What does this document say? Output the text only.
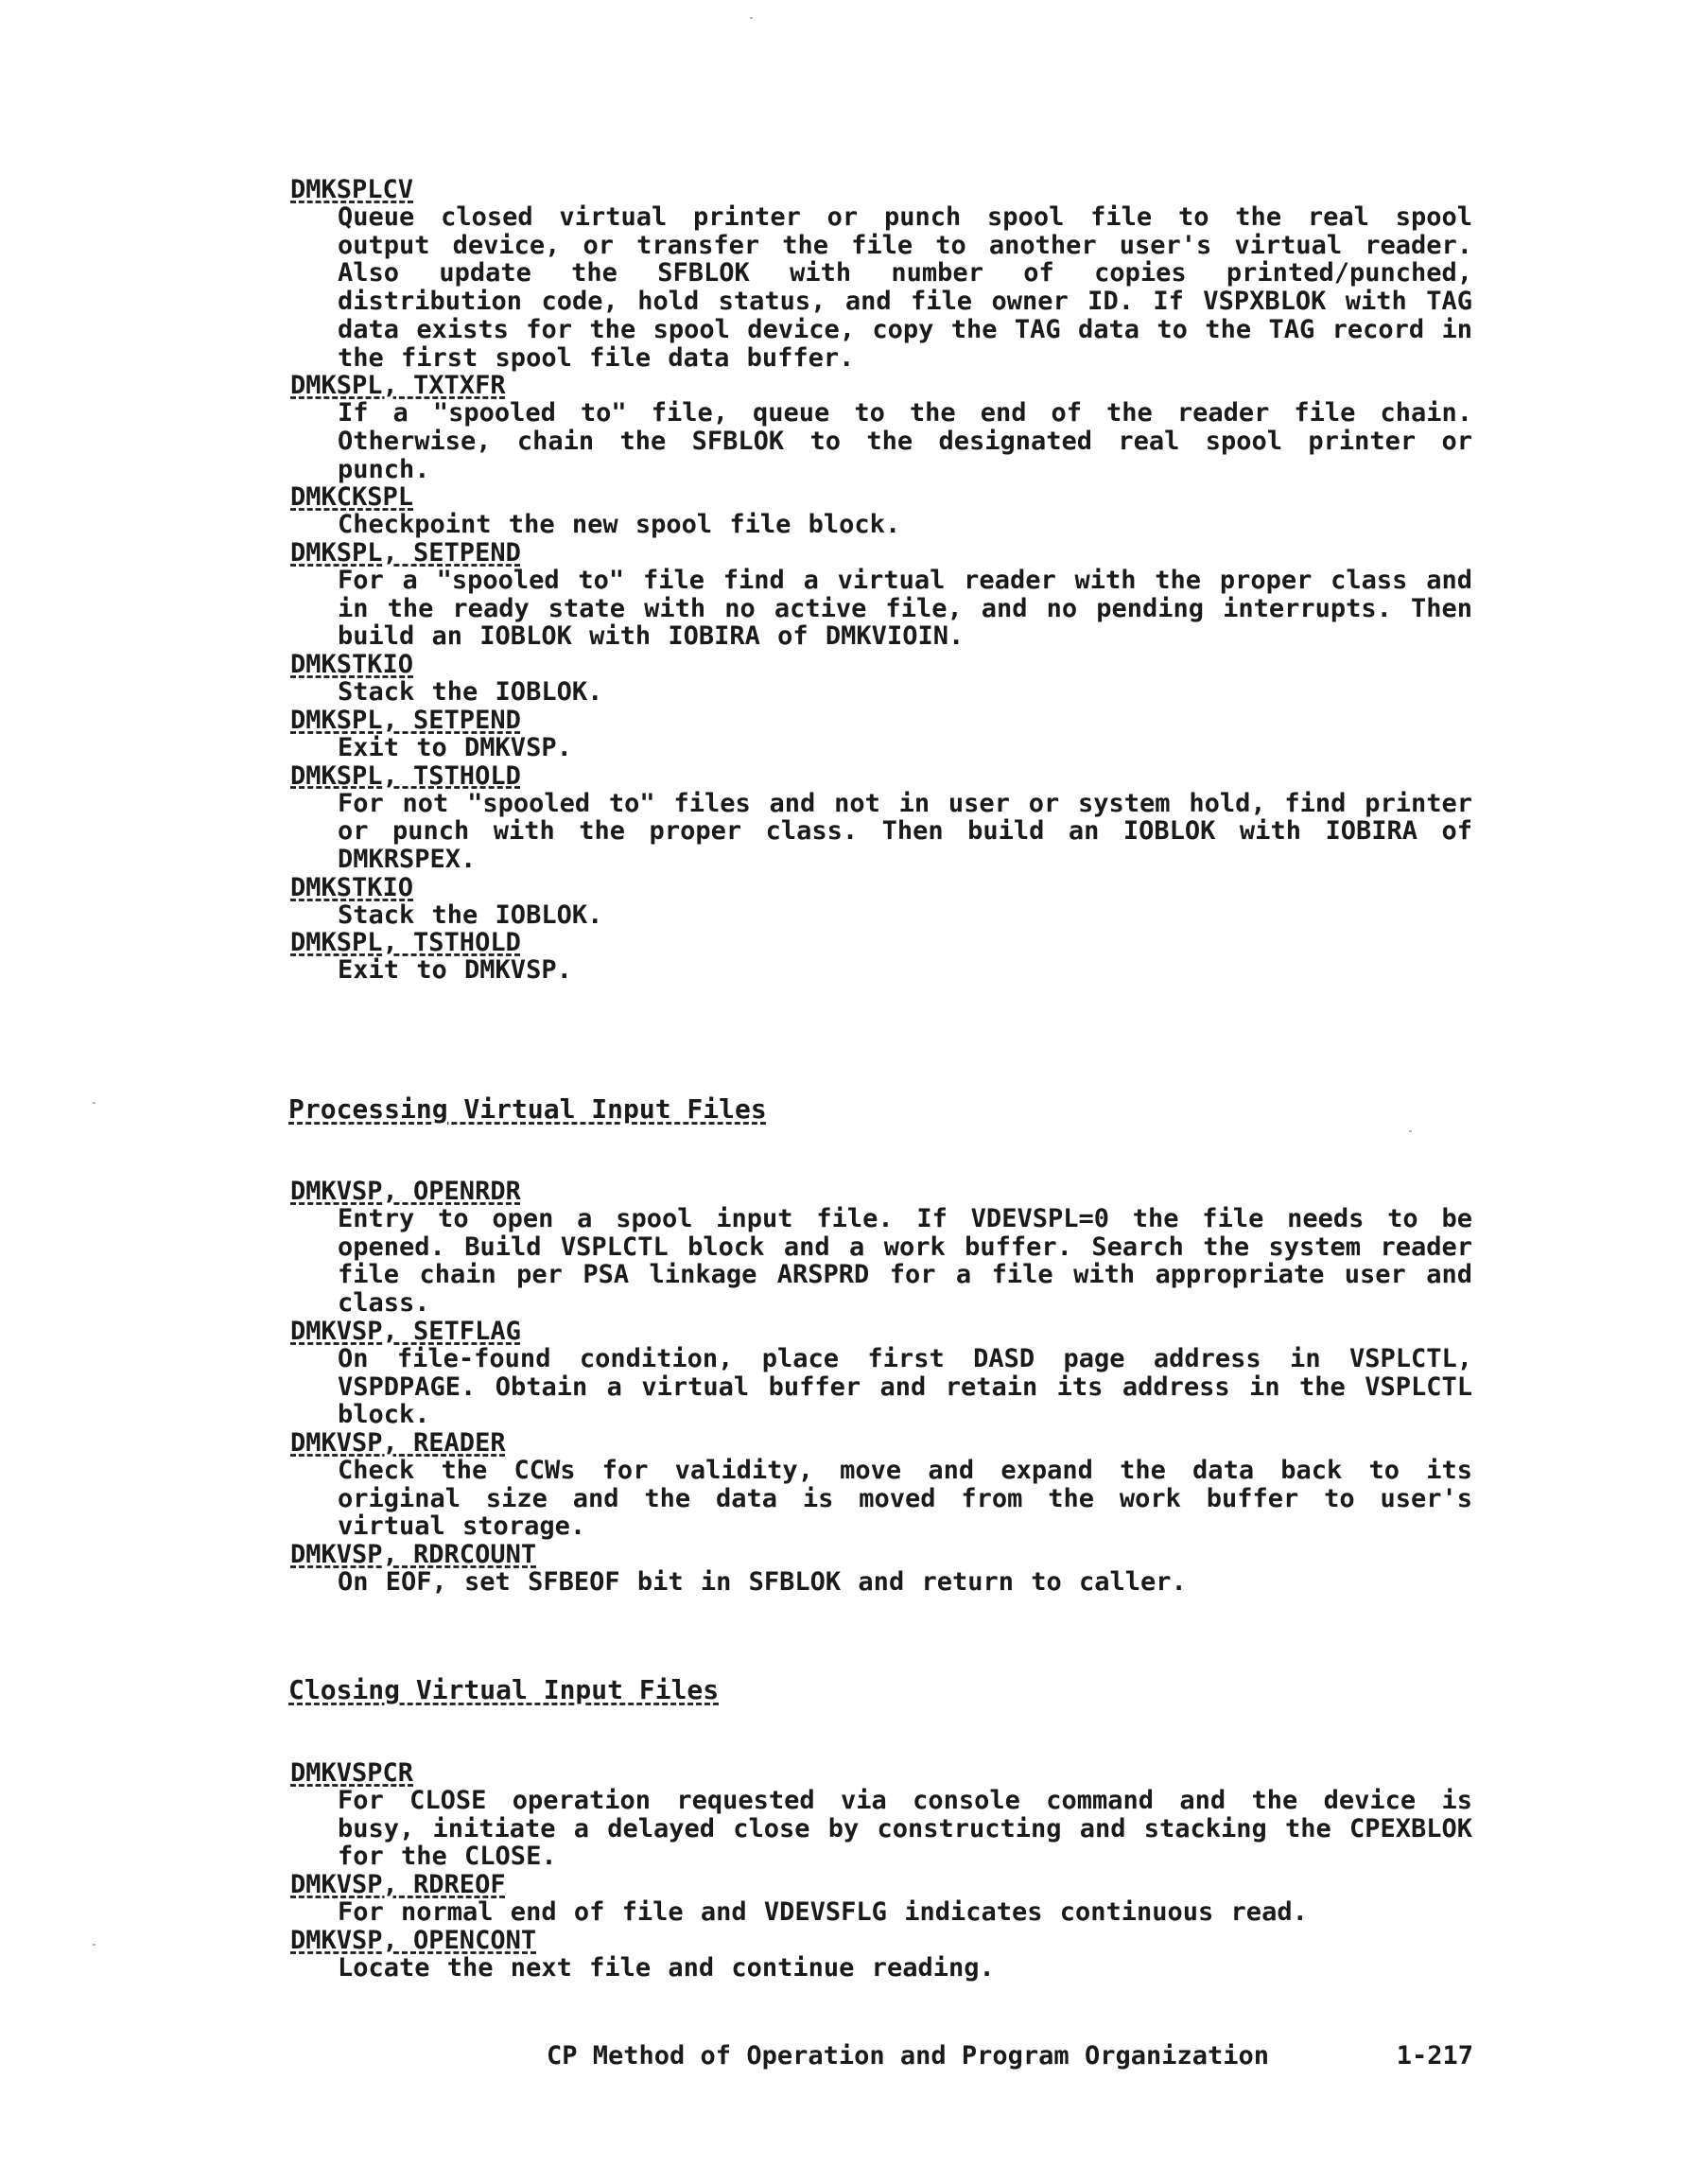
DMKSPLCV
Queue closed virtual printer or punch spool file to the real spool output device, or transfer the file to another user's virtual reader. Also update the SFBLOK with number of copies printed/punched, distribution code, hold status, and file owner ID. If VSPXBLOK with TAG data exists for the spool device, copy the TAG data to the TAG record in the first spool file data buffer.
DMKSPL, TXTXFR
If a "spooled to" file, queue to the end of the reader file chain. Otherwise, chain the SFBLOK to the designated real spool printer or punch.
DMKCKSPL
Checkpoint the new spool file block.
DMKSPL, SETPEND
For a "spooled to" file find a virtual reader with the proper class and in the ready state with no active file, and no pending interrupts. Then build an IOBLOK with IOBIRA of DMKVIOIN.
DMKSTKIO
Stack the IOBLOK.
DMKSPL, SETPEND
Exit to DMKVSP.
DMKSPL, TSTHOLD
For not "spooled to" files and not in user or system hold, find printer or punch with the proper class. Then build an IOBLOK with IOBIRA of DMKRSPEX.
DMKSTKIO
Stack the IOBLOK.
DMKSPL, TSTHOLD
Exit to DMKVSP.
Processing Virtual Input Files
DMKVSP, OPENRDR
Entry to open a spool input file. If VDEVSPL=0 the file needs to be opened. Build VSPLCTL block and a work buffer. Search the system reader file chain per PSA linkage ARSPRD for a file with appropriate user and class.
DMKVSP, SETFLAG
On file-found condition, place first DASD page address in VSPLCTL, VSPDPAGE. Obtain a virtual buffer and retain its address in the VSPLCTL block.
DMKVSP, READER
Check the CCWs for validity, move and expand the data back to its original size and the data is moved from the work buffer to user's virtual storage.
DMKVSP, RDRCOUNT
On EOF, set SFBEOF bit in SFBLOK and return to caller.
Closing Virtual Input Files
DMKVSPCR
For CLOSE operation requested via console command and the device is busy, initiate a delayed close by constructing and stacking the CPEXBLOK for the CLOSE.
DMKVSP, RDREOF
For normal end of file and VDEVSFLG indicates continuous read.
DMKVSP, OPENCONT
Locate the next file and continue reading.
CP Method of Operation and Program Organization	1-217
